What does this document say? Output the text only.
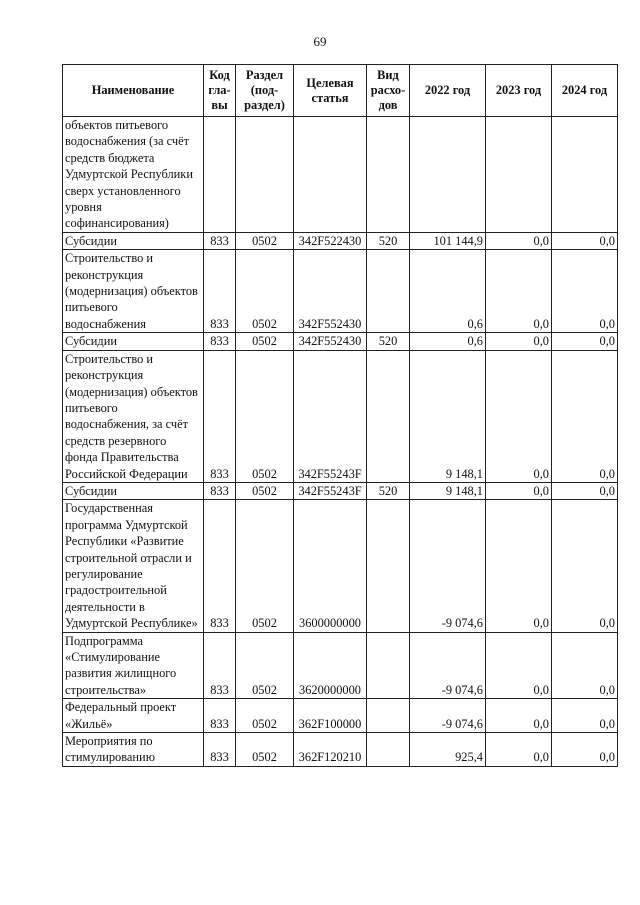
69
Наименование	Код гла- вы	Раздел (под- раздел)	Целевая статья	Вид расхо- дов	2022 год	2023 год	2024 год
объектов питьевого водоснабжения (за счёт средств бюджета Удмуртской Республики сверх установленного уровня софинансирования)							
Субсидии	833	0502	342F522430	520	101 144,9	0,0	0,0
Строительство и реконструкция (модернизация) объектов питьевого водоснабжения	833	0502	342F552430		0,6	0,0	0,0
Субсидии	833	0502	342F552430	520	0,6	0,0	0,0
Строительство и реконструкция (модернизация) объектов питьевого водоснабжения, за счёт средств резервного фонда Правительства Российской Федерации	833	0502	342F55243F		9 148,1	0,0	0,0
Субсидии	833	0502	342F55243F	520	9 148,1	0,0	0,0
Государственная программа Удмуртской Республики «Развитие строительной отрасли и регулирование градостроительной деятельности в Удмуртской Республике»	833	0502	3600000000		-9 074,6	0,0	0,0
Подпрограмма «Стимулирование развития жилищного строительства»	833	0502	3620000000		-9 074,6	0,0	0,0
Федеральный проект «Жильё»	833	0502	362F100000		-9 074,6	0,0	0,0
Мероприятия по стимулированию	833	0502	362F120210		925,4	0,0	0,0
